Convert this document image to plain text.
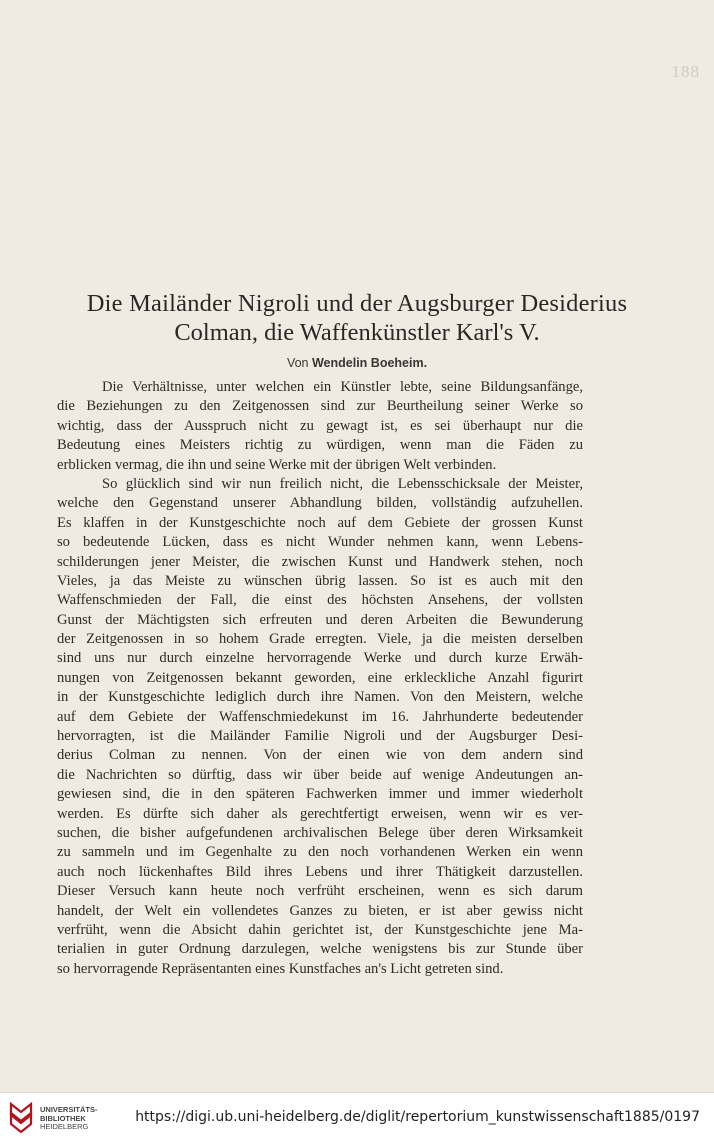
188
Die Mailänder Nigroli und der Augsburger Desiderius
Colman, die Waffenkünstler Karl's V.
Von Wendelin Boeheim.
Die Verhältnisse, unter welchen ein Künstler lebte, seine Bildungsanfänge,
die Beziehungen zu den Zeitgenossen sind zur Beurtheilung seiner Werke so
wichtig, dass der Ausspruch nicht zu gewagt ist, es sei überhaupt nur die
Bedeutung eines Meisters richtig zu würdigen, wenn man die Fäden zu
erblicken vermag, die ihn und seine Werke mit der übrigen Welt verbinden.
So glücklich sind wir nun freilich nicht, die Lebensschicksale der Meister,
welche den Gegenstand unserer Abhandlung bilden, vollständig aufzuhellen.
Es klaffen in der Kunstgeschichte noch auf dem Gebiete der grossen Kunst
so bedeutende Lücken, dass es nicht Wunder nehmen kann, wenn Lebens-
schilderungen jener Meister, die zwischen Kunst und Handwerk stehen, noch
Vieles, ja das Meiste zu wünschen übrig lassen. So ist es auch mit den
Waffenschmieden der Fall, die einst des höchsten Ansehens, der vollsten
Gunst der Mächtigsten sich erfreuten und deren Arbeiten die Bewunderung
der Zeitgenossen in so hohem Grade erregten. Viele, ja die meisten derselben
sind uns nur durch einzelne hervorragende Werke und durch kurze Erwäh-
nungen von Zeitgenossen bekannt geworden, eine erkleckliche Anzahl figurirt
in der Kunstgeschichte lediglich durch ihre Namen. Von den Meistern, welche
auf dem Gebiete der Waffenschmiedekunst im 16. Jahrhunderte bedeutender
hervorragten, ist die Mailänder Familie Nigroli und der Augsburger Desi-
derius Colman zu nennen. Von der einen wie von dem andern sind
die Nachrichten so dürftig, dass wir über beide auf wenige Andeutungen an-
gewiesen sind, die in den späteren Fachwerken immer und immer wiederholt
werden. Es dürfte sich daher als gerechtfertigt erweisen, wenn wir es ver-
suchen, die bisher aufgefundenen archivalischen Belege über deren Wirksamkeit
zu sammeln und im Gegenhalte zu den noch vorhandenen Werken ein wenn
auch noch lückenhaftes Bild ihres Lebens und ihrer Thätigkeit darzustellen.
Dieser Versuch kann heute noch verfrüht erscheinen, wenn es sich darum
handelt, der Welt ein vollendetes Ganzes zu bieten, er ist aber gewiss nicht
verfrüht, wenn die Absicht dahin gerichtet ist, der Kunstgeschichte jene Ma-
terialien in guter Ordnung darzulegen, welche wenigstens bis zur Stunde über
so hervorragende Repräsentanten eines Kunstfaches an's Licht getreten sind.
UNIVERSITÄTS-
BIBLIOTHEK
HEIDELBERG
https://digi.ub.uni-heidelberg.de/diglit/repertorium_kunstwissenschaft1885/0197
